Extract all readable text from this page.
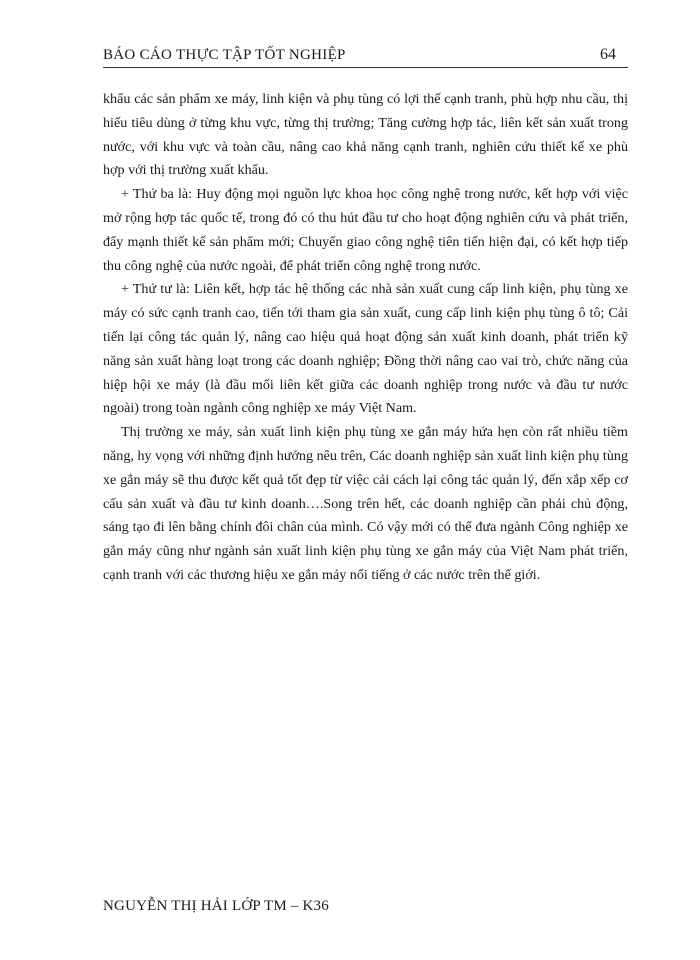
BÁO CÁO THỰC TẬP TỐT NGHIỆP	64

khẩu các sản phẩm xe máy, linh kiện và phụ tùng có lợi thế cạnh tranh, phù hợp nhu cầu, thị hiếu tiêu dùng ở từng khu vực, từng thị trường; Tăng cường hợp tác, liên kết sản xuất trong nước, với khu vực và toàn cầu, nâng cao khả năng cạnh tranh, nghiên cứu thiết kế xe phù hợp với thị trường xuất khẩu.

+ Thứ ba là: Huy động mọi nguồn lực khoa học công nghệ trong nước, kết hợp với việc mở rộng hợp tác quốc tế, trong đó có thu hút đầu tư cho hoạt động nghiên cứu và phát triển, đẩy mạnh thiết kế sản phẩm mới; Chuyển giao công nghệ tiên tiến hiện đại, có kết hợp tiếp thu công nghệ của nước ngoài, để phát triển công nghệ trong nước.

+ Thứ tư là: Liên kết, hợp tác hệ thống các nhà sản xuất cung cấp linh kiện, phụ tùng xe máy có sức cạnh tranh cao, tiến tới tham gia sản xuất, cung cấp linh kiện phụ tùng ô tô; Cải tiến lại công tác quản lý, nâng cao hiệu quả hoạt động sản xuất kinh doanh, phát triển kỹ năng sản xuất hàng loạt trong các doanh nghiệp; Đồng thời nâng cao vai trò, chức năng của hiệp hội xe máy (là đầu mối liên kết giữa các doanh nghiệp trong nước và đầu tư nước ngoài) trong toàn ngành công nghiệp xe máy Việt Nam.

Thị trường xe máy, sản xuất linh kiện phụ tùng xe gắn máy hứa hẹn còn rất nhiều tiềm năng, hy vọng với những định hướng nêu trên, Các doanh nghiệp sản xuất linh kiện phụ tùng xe gắn máy sẽ thu được kết quả tốt đẹp từ việc cải cách lại công tác quản lý, đến xắp xếp cơ cấu sản xuất và đầu tư kinh doanh….Song trên hết, các doanh nghiệp cần phải chủ động, sáng tạo đi lên bằng chính đôi chân của mình. Có vậy mới có thể đưa ngành Công nghiệp xe gắn máy cũng như ngành sản xuất linh kiện phụ tùng xe gắn máy của Việt Nam phát triển, cạnh tranh với các thương hiệu xe gắn máy nổi tiếng ở các nước trên thế giới.

NGUYỄN THỊ HẢI LỚP TM – K36
